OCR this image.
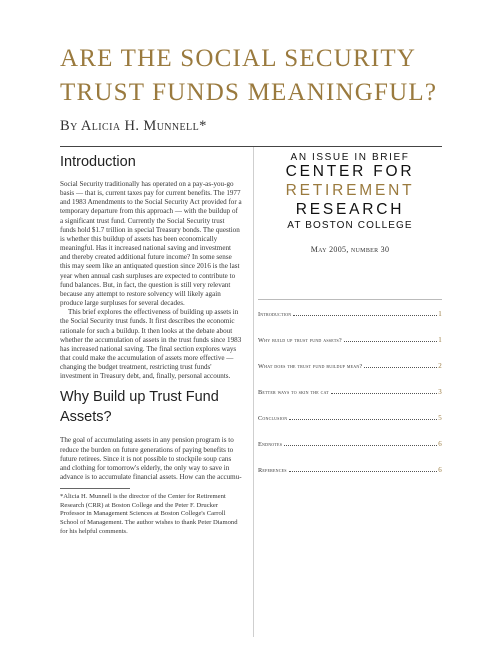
ARE THE SOCIAL SECURITY
TRUST FUNDS MEANINGFUL?
By Alicia H. Munnell*
Introduction

Social Security traditionally has operated on a pay-as-you-go basis — that is, current taxes pay for current benefits. The 1977 and 1983 Amendments to the Social Security Act provided for a temporary departure from this approach — with the buildup of a significant trust fund. Currently the Social Security trust funds hold $1.7 trillion in special Treasury bonds. The question is whether this buildup of assets has been economically meaningful. Has it increased national saving and investment and thereby created additional future income? In some sense this may seem like an antiquated question since 2016 is the last year when annual cash surpluses are expected to contribute to fund balances. But, in fact, the question is still very relevant because any attempt to restore solvency will likely again produce large surpluses for several decades.

This brief explores the effectiveness of building up assets in the Social Security trust funds. It first describes the economic rationale for such a buildup. It then looks at the debate about whether the accumulation of assets in the trust funds since 1983 has increased national saving. The final section explores ways that could make the accumulation of assets more effective — changing the budget treatment, restricting trust funds' investment in Treasury debt, and, finally, personal accounts.

Why Build up Trust Fund Assets?

The goal of accumulating assets in any pension program is to reduce the burden on future generations of paying benefits to future retirees. Since it is not possible to stockpile soup cans and clothing for tomorrow's elderly, the only way to save in advance is to accumulate financial assets. How can the accumu-

*Alicia H. Munnell is the director of the Center for Retirement Research (CRR) at Boston College and the Peter F. Drucker Professor in Management Sciences at Boston College's Carroll School of Management. The author wishes to thank Peter Diamond for his helpful comments.

AN ISSUE IN BRIEF
CENTER FOR
RETIREMENT
RESEARCH
AT BOSTON COLLEGE
May 2005, number 30
Introduction	1
Why build up trust fund assets?	1
What does the trust fund buildup mean?	2
Better ways to skin the cat	3
Conclusion	5
Endnotes	6
References	6
